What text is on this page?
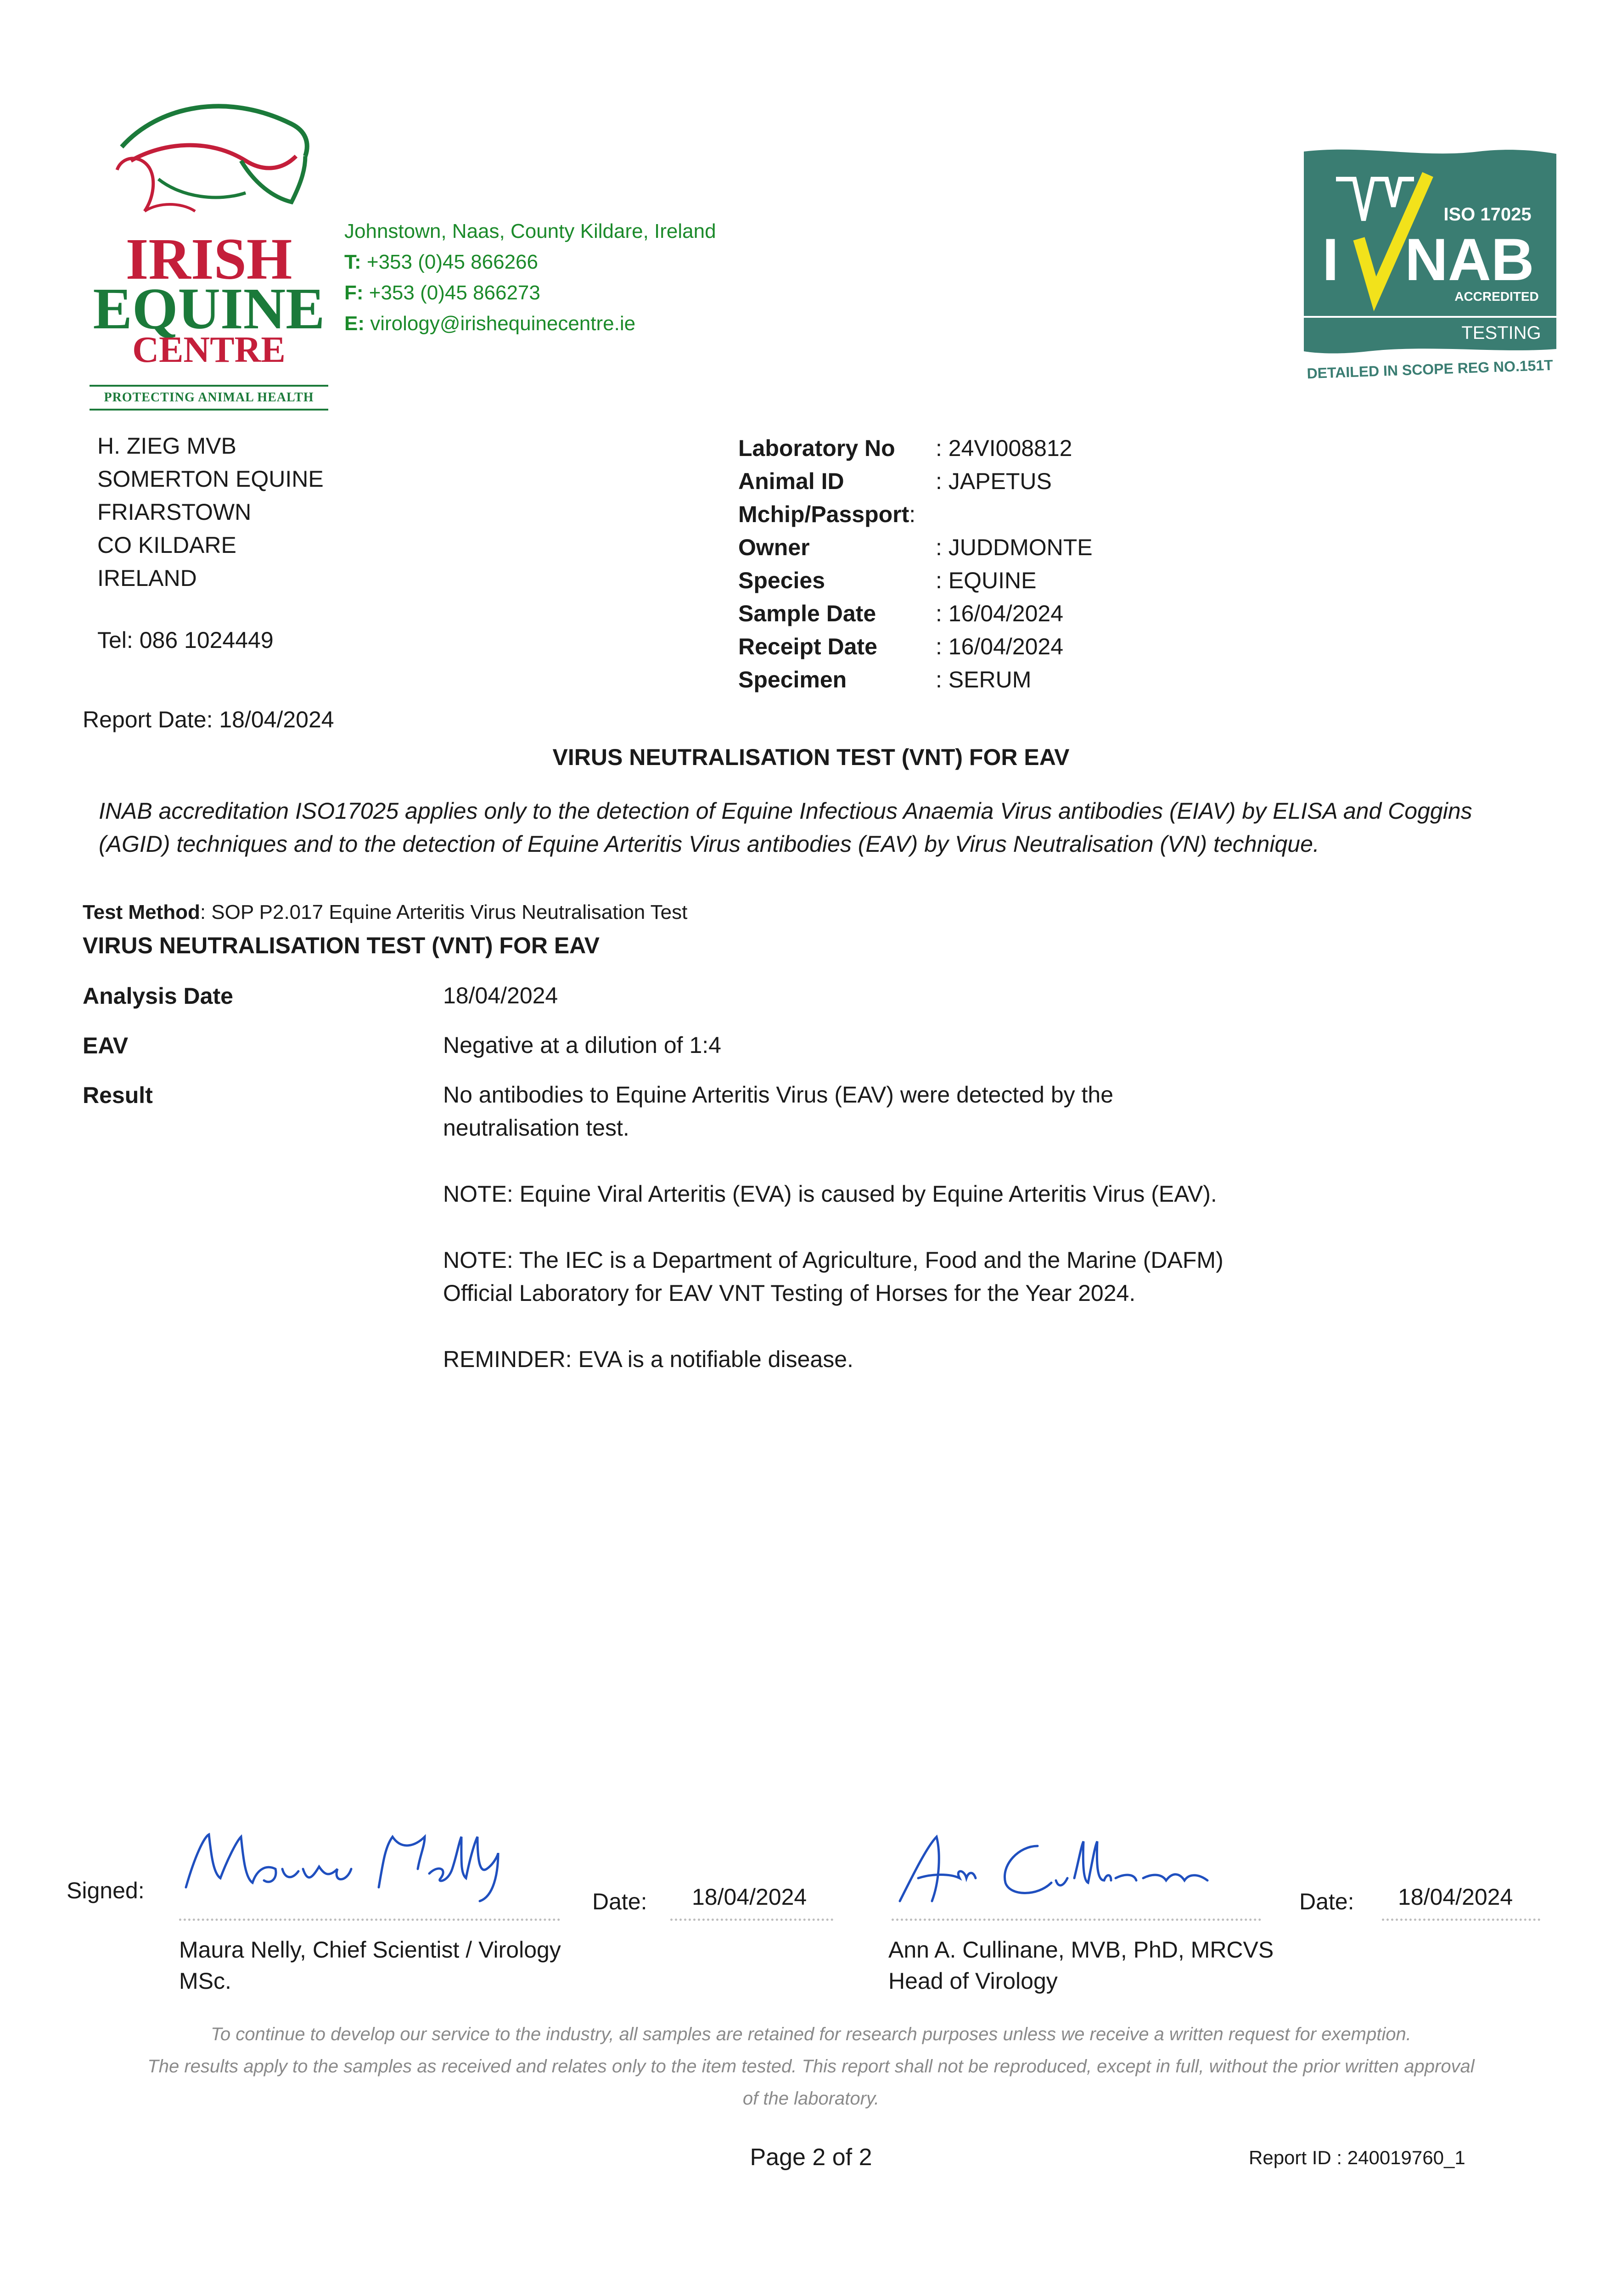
IRISH
EQUINE
CENTRE
PROTECTING ANIMAL HEALTH
Johnstown, Naas, County Kildare, Ireland
T: +353 (0)45 866266
F: +353 (0)45 866273
E: virology@irishequinecentre.ie
ISO 17025
I NAB
ACCREDITED
TESTING
DETAILED IN SCOPE REG NO.151T
H. ZIEG MVB
SOMERTON EQUINE
FRIARSTOWN
CO KILDARE
IRELAND
Tel: 086 1024449
Laboratory No : 24VI008812
Animal ID	: JAPETUS
Mchip/Passport:
Owner	: JUDDMONTE
Species	: EQUINE
Sample Date	: 16/04/2024
Receipt Date	: 16/04/2024
Specimen	: SERUM
Report Date: 18/04/2024
VIRUS NEUTRALISATION TEST (VNT) FOR EAV
INAB accreditation ISO17025 applies only to the detection of Equine Infectious Anaemia Virus antibodies (EIAV) by ELISA and Coggins (AGID) techniques and to the detection of Equine Arteritis Virus antibodies (EAV) by Virus Neutralisation (VN) technique.
Test Method: SOP P2.017 Equine Arteritis Virus Neutralisation Test
VIRUS NEUTRALISATION TEST (VNT) FOR EAV
Analysis Date	18/04/2024
EAV	Negative at a dilution of 1:4
Result	No antibodies to Equine Arteritis Virus (EAV) were detected by the neutralisation test.

NOTE: Equine Viral Arteritis (EVA) is caused by Equine Arteritis Virus (EAV).

NOTE: The IEC is a Department of Agriculture, Food and the Marine (DAFM) Official Laboratory for EAV VNT Testing of Horses for the Year 2024.

REMINDER: EVA is a notifiable disease.

Signed:	Date: 18/04/2024
Maura Nelly, Chief Scientist / Virology
MSc.
Date: 18/04/2024
Ann A. Cullinane, MVB, PhD, MRCVS
Head of Virology
To continue to develop our service to the industry, all samples are retained for research purposes unless we receive a written request for exemption.
The results apply to the samples as received and relates only to the item tested. This report shall not be reproduced, except in full, without the prior written approval of the laboratory.
Page 2 of 2	Report ID : 240019760_1
